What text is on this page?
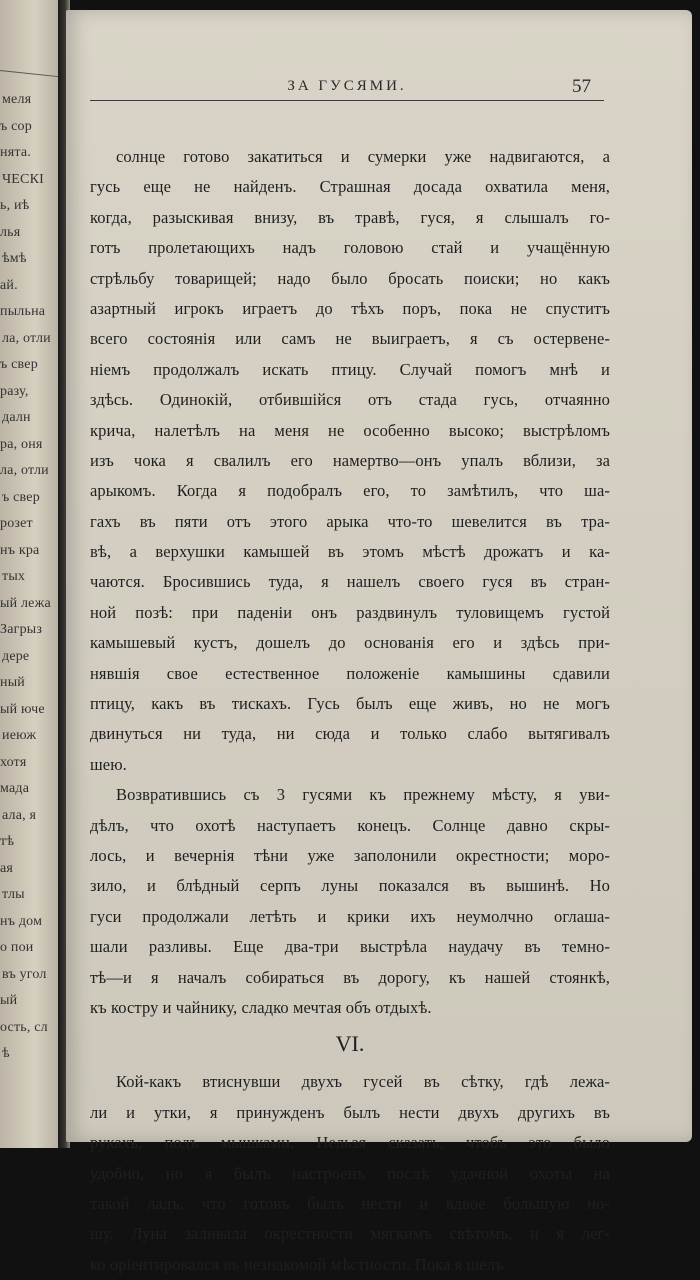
меля
ъ сор
нята.
ЧЕСКІ
ь, иѣ
лья
ѣмѣ
ай.
пыльна
ла, отли
ъ свер
разу,
далн
ра, оня
ла, отли
ъ свер
розет
нъ кра
тых
ый лежа
Загрыз
дере
ный
ый юче
иеюж
хотя
мада
ала, я
тѣ
ая
тлы
нъ дом
о пои
въ угол
ый
ость, сл
ѣ
ЗА ГУСЯМИ.	57
солнце готово закатиться и сумерки уже надвигаются, а
гусь еще не найденъ. Страшная досада охватила меня,
когда, разыскивая внизу, въ травѣ, гуся, я слышалъ го-
готъ пролетающихъ надъ головою стай и учащённую
стрѣльбу товарищей; надо было бросать поиски; но какъ
азартный игрокъ играетъ до тѣхъ поръ, пока не спуститъ
всего состоянія или самъ не выиграетъ, я съ остервене-
ніемъ продолжалъ искать птицу. Случай помогъ мнѣ и
здѣсь. Одинокій, отбившійся отъ стада гусь, отчаянно
крича, налетѣлъ на меня не особенно высоко; выстрѣломъ
изъ чока я свалилъ его намертво—онъ упалъ вблизи, за
арыкомъ. Когда я подобралъ его, то замѣтилъ, что ша-
гахъ въ пяти отъ этого арыка что-то шевелится въ тра-
вѣ, а верхушки камышей въ этомъ мѣстѣ дрожатъ и ка-
чаются. Бросившись туда, я нашелъ своего гуся въ стран-
ной позѣ: при паденіи онъ раздвинулъ туловищемъ густой
камышевый кустъ, дошелъ до основанія его и здѣсь при-
нявшія свое естественное положеніе камышины сдавили
птицу, какъ въ тискахъ. Гусь былъ еще живъ, но не могъ
двинуться ни туда, ни сюда и только слабо вытягивалъ
шею.
Возвратившись съ 3 гусями къ прежнему мѣсту, я уви-
дѣлъ, что охотѣ наступаетъ конецъ. Солнце давно скры-
лось, и вечернія тѣни уже заполонили окрестности; моро-
зило, и блѣдный серпъ луны показался въ вышинѣ. Но
гуси продолжали летѣть и крики ихъ неумолчно оглаша-
шали разливы. Еще два-три выстрѣла наудачу въ темно-
тѣ—и я началъ собираться въ дорогу, къ нашей стоянкѣ,
къ костру и чайнику, сладко мечтая объ отдыхѣ.
VI.
Кой-какъ втиснувши двухъ гусей въ сѣтку, гдѣ лежа-
ли и утки, я принужденъ былъ нести двухъ другихъ въ
рукахъ, подъ мышками. Нельзя сказать, чтобъ это было
удобно, но я былъ настроенъ послѣ удачной охоты на
такой ладъ, что готовъ былъ нести и вдвое большую но-
шу. Луна заливала окрестности мягкимъ свѣтомъ, и я лег-
ко оріентировался въ незнакомой мѣстности. Пока я шелъ
